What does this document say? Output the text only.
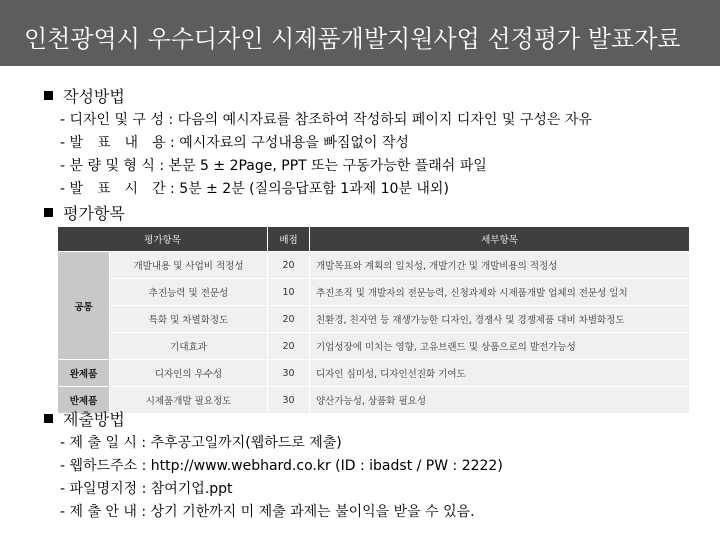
인천광역시 우수디자인 시제품개발지원사업 선정평가 발표자료
작성방법
- 디자인 및 구 성 : 다음의 예시자료를 참조하여 작성하되 페이지 디자인 및 구성은 자유
- 발　표　내　용 : 예시자료의 구성내용을 빠짐없이 작성
- 분 량 및 형 식 : 본문 5 ± 2Page, PPT 또는 구동가능한 플래쉬 파일
- 발　표　시　간 : 5분 ± 2분 (질의응답포함 1과제 10분 내외)
평가항목
평가항목		배점	세부항목
공통	개발내용 및 사업비 적정성	20	개발목표와 계획의 일치성, 개발기간 및 개발비용의 적정성
	추진능력 및 전문성	10	추진조직 및 개발자의 전문능력, 신청과제와 시제품개발 업체의 전문성 일치
	특화 및 차별화정도	20	친환경, 친자연 등 재생가능한 디자인, 경쟁사 및 경쟁제품 대비 차별화정도
	기대효과	20	기업성장에 미치는 영향, 고유브랜드 및 상품으로의 발전가능성
완제품	디자인의 우수성	30	디자인 심미성, 디자인선진화 기여도
반제품	시제품개발 필요정도	30	양산가능성, 상품화 필요성
제출방법
- 제 출 일 시 : 추후공고일까지(웹하드로 제출)
- 웹하드주소 : http://www.webhard.co.kr (ID : ibadst / PW : 2222)
- 파일명지정 : 참여기업.ppt
- 제 출 안 내 : 상기 기한까지 미 제출 과제는 불이익을 받을 수 있음.
